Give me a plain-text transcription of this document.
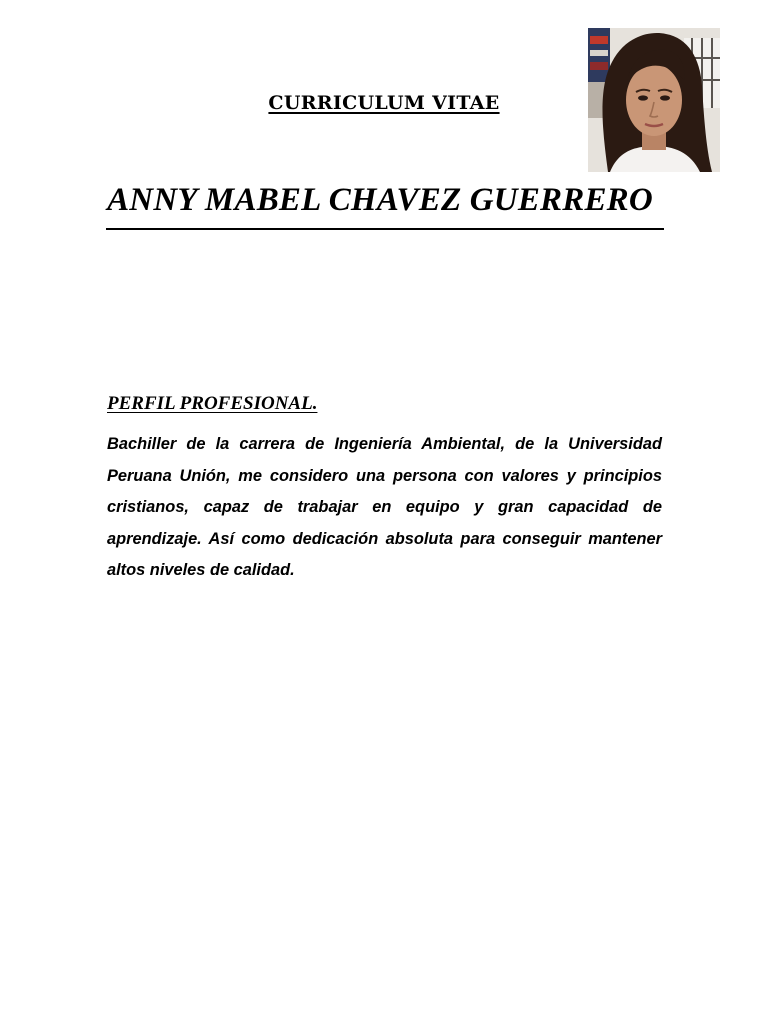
CURRICULUM VITAE
ANNY MABEL CHAVEZ GUERRERO
PERFIL PROFESIONAL.

Bachiller de la carrera de Ingeniería Ambiental, de la Universidad Peruana Unión, me considero una persona con valores y principios cristianos, capaz de trabajar en equipo y gran capacidad de aprendizaje. Así como dedicación absoluta para conseguir mantener altos niveles de calidad.
